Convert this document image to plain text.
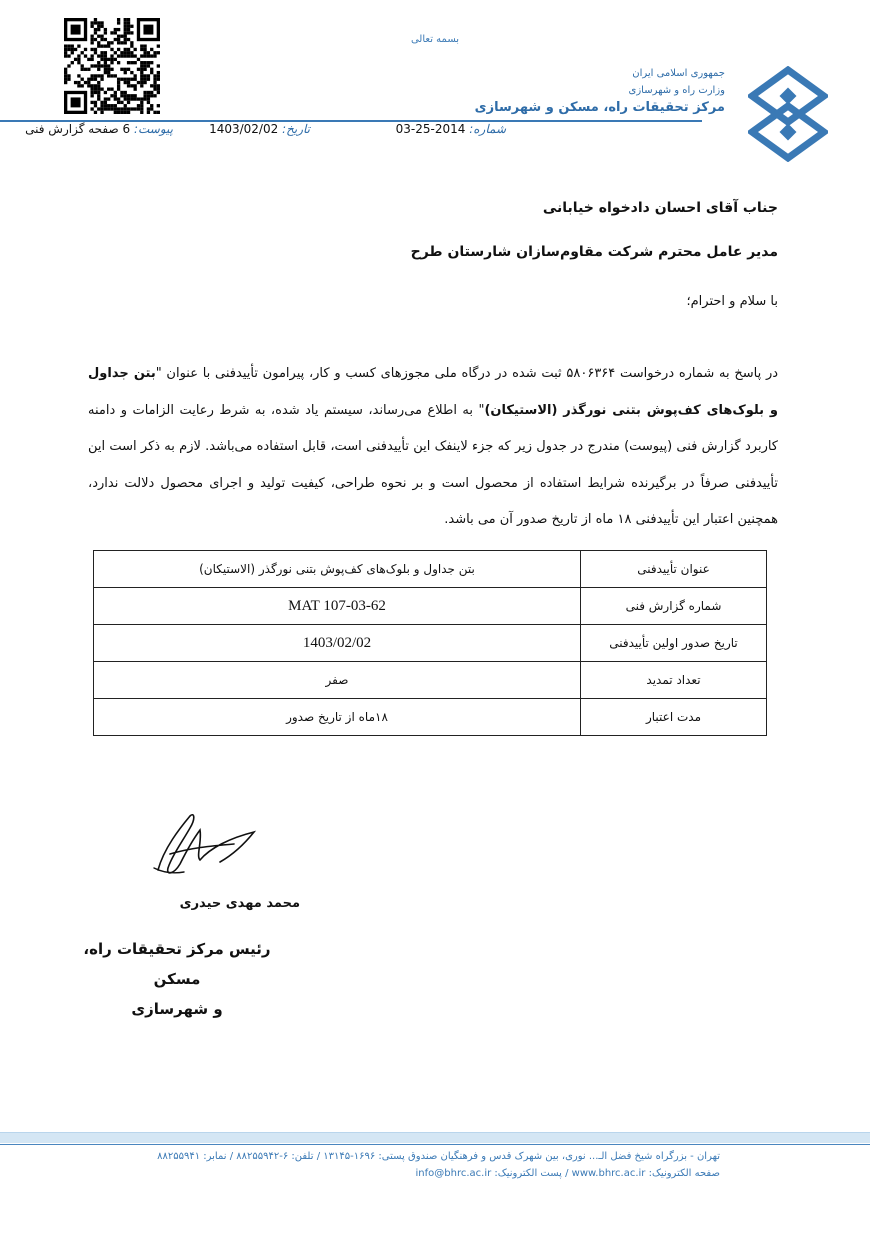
بسمه تعالی
جمهوری اسلامی ایران
وزارت راه و شهرسازی
مرکز تحقیقات راه، مسکن و شهرسازی
شماره: 2014-25-03
تاریخ: 1403/02/02
پیوست: 6 صفحه گزارش فنی
جناب آقای احسان دادخواه خیابانی
مدیر عامل محترم شرکت مقاوم‌سازان شارستان طرح
با سلام و احترام؛
در پاسخ به شماره درخواست ۵۸۰۶۳۶۴ ثبت شده در درگاه ملی مجوزهای کسب و کار، پیرامون تأییدفنی با عنوان "بتن جداول و بلوک‌های کف‌پوش بتنی نورگذر (الاستیکان)" به اطلاع می‌رساند، سیستم یاد شده، به شرط رعایت الزامات و دامنه کاربرد گزارش فنی (پیوست) مندرج در جدول زیر که جزء لاینفک این تأییدفنی است، قابل استفاده می‌باشد. لازم به ذکر است این تأییدفنی صرفاً در برگیرنده شرایط استفاده از محصول است و بر نحوه طراحی، کیفیت تولید و اجرای محصول دلالت ندارد، همچنین اعتبار این تأییدفنی ۱۸ ماه از تاریخ صدور آن می باشد.
عنوان تأییدفنی	بتن جداول و بلوک‌های کف‌پوش بتنی نورگذر (الاستیکان)
شماره گزارش فنی	03-62-MAT 107
تاریخ صدور اولین تأییدفنی	1403/02/02
تعداد تمدید	صفر
مدت اعتبار	۱۸ماه از تاریخ صدور
محمد مهدی حیدری
رئیس مرکز تحقیقات راه، مسکن
و شهرسازی
تهران - بزرگراه شیخ فضل الـ... نوری، بین شهرک قدس و فرهنگیان صندوق پستی: ۱۶۹۶-۱۳۱۴۵ / تلفن: ۶-۸۸۲۵۵۹۴۲ / نمابر: ۸۸۲۵۵۹۴۱
صفحه الکترونیک: www.bhrc.ac.ir / پست الکترونیک: info@bhrc.ac.ir
